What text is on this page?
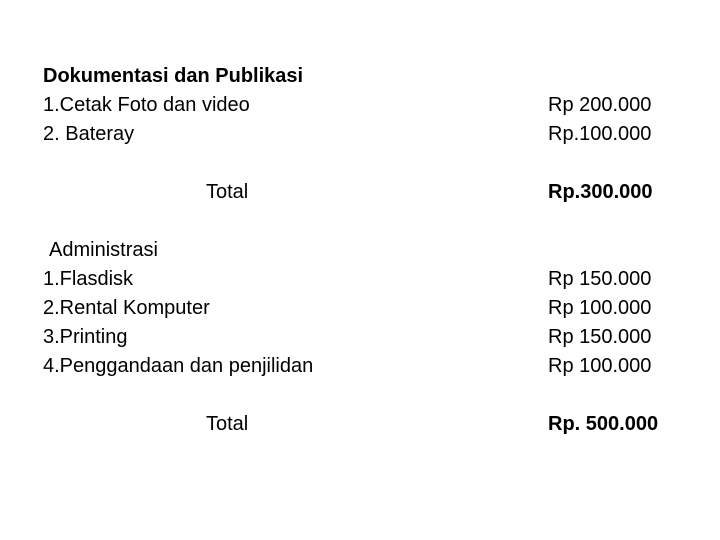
Dokumentasi dan Publikasi
1.Cetak Foto dan video
2. Bateray
Rp 200.000
Rp.100.000
Total	Rp.300.000
Administrasi
1.Flasdisk
2.Rental Komputer
3.Printing
4.Penggandaan dan penjilidan
Rp 150.000
Rp 100.000
Rp 150.000
Rp 100.000
Total	Rp. 500.000
